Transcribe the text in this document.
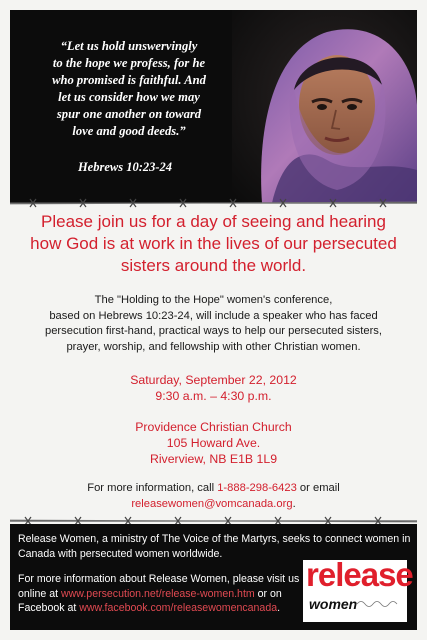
“Let us hold unswervingly
to the hope we profess, for he
who promised is faithful. And
let us consider how we may
spur one another on toward
love and good deeds.”
Hebrews 10:23-24
Please join us for a day of seeing and hearing
how God is at work in the lives of our persecuted
sisters around the world.
The "Holding to the Hope" women's conference,
based on Hebrews 10:23-24, will include a speaker who has faced
persecution first-hand, practical ways to help our persecuted sisters,
prayer, worship, and fellowship with other Christian women.
Saturday, September 22, 2012
9:30 a.m. – 4:30 p.m.
Providence Christian Church
105 Howard Ave.
Riverview, NB E1B 1L9
For more information, call 1-888-298-6423 or email
releasewomen@vomcanada.org.
Release Women, a ministry of The Voice of the Martyrs, seeks to connect women in
Canada with persecuted women worldwide.
For more information about Release Women, please visit us
online at www.persecution.net/release-women.htm or on
Facebook at www.facebook.com/releasewomencanada.
release
women
